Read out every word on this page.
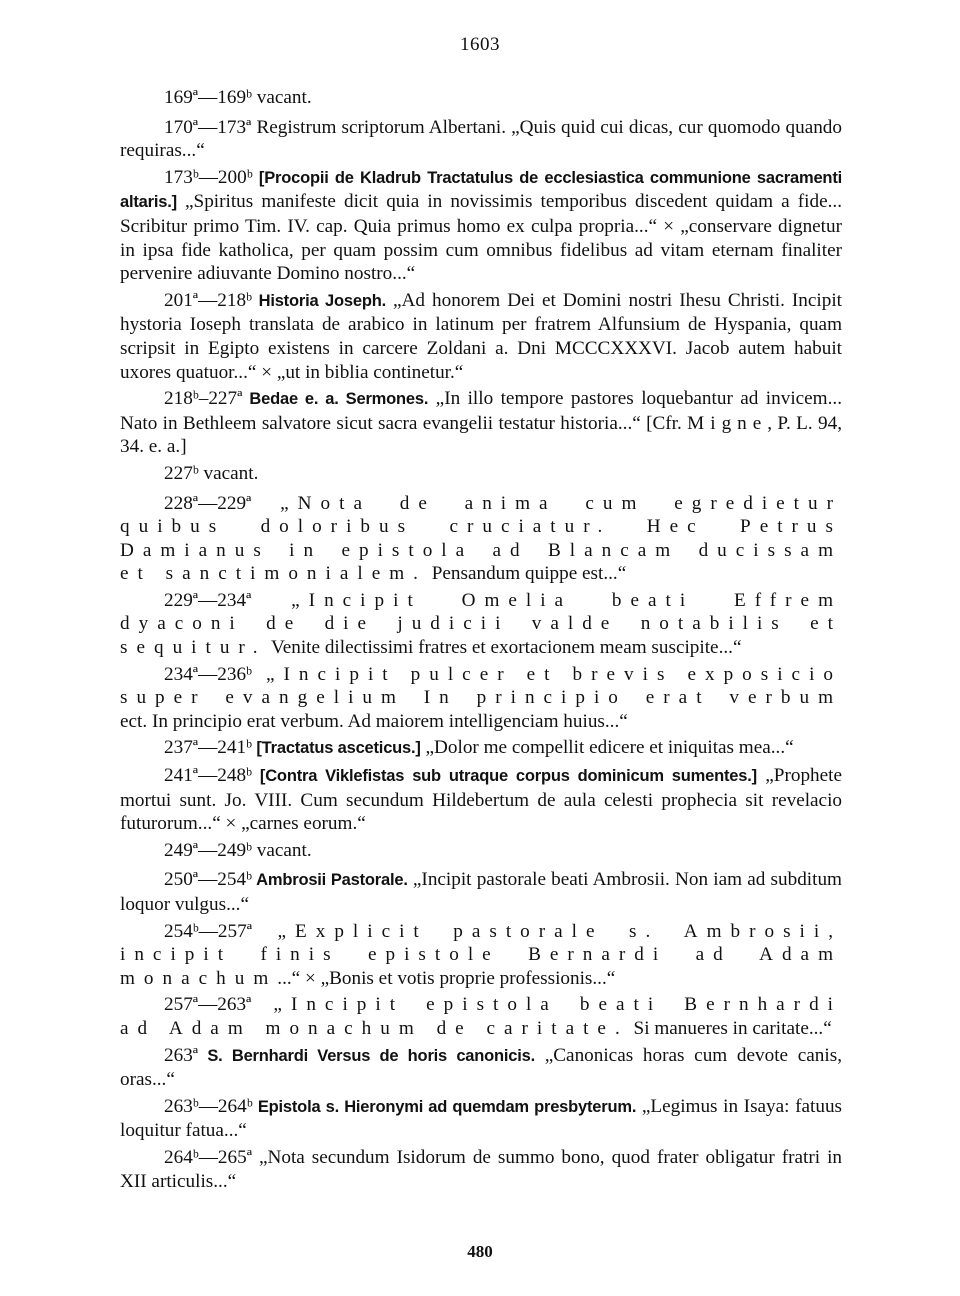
1603

169ª—169ᵇ vacant.

170ª—173ª Registrum scriptorum Albertani. „Quis quid cui dicas, cur quomodo quando requiras...“

173ᵇ—200ᵇ [Procopii de Kladrub Tractatulus de ecclesiastica communione sacramenti altaris.] „Spiritus manifeste dicit quia in novissimis temporibus discedent quidam a fide... Scribitur primo Tim. IV. cap. Quia primus homo ex culpa propria...“ × „conservare dignetur in ipsa fide katholica, per quam possim cum omnibus fidelibus ad vitam eternam finaliter pervenire adiuvante Domino nostro...“

201ª—218ᵇ Historia Joseph. „Ad honorem Dei et Domini nostri Ihesu Christi. Incipit hystoria Ioseph translata de arabico in latinum per fratrem Alfunsium de Hyspania, quam scripsit in Egipto existens in carcere Zoldani a. Dni MCCCXXXVI. Jacob autem habuit uxores quatuor...“ × „ut in biblia continetur.“

218ᵇ–227ª Bedae e. a. Sermones. „In illo tempore pastores loquebantur ad invicem... Nato in Bethleem salvatore sicut sacra evangelii testatur historia...“ [Cfr. Migne, P. L. 94, 34. e. a.]

227ᵇ vacant.

228ª—229ª „Nota de anima cum egredietur quibus doloribus cruciatur. Hec Petrus Damianus in epistola ad Blancam ducissam et sanctimonialem. Pensandum quippe est...“

229ª—234ª „Incipit Omelia beati Effrem dyaconi de die judicii valde notabilis et sequitur. Venite dilectissimi fratres et exortacionem meam suscipite...“

234ª—236ᵇ „Incipit pulcer et brevis exposicio super evangelium In principio erat verbum ect. In principio erat verbum. Ad maiorem intelligenciam huius...“

237ª—241ᵇ [Tractatus asceticus.] „Dolor me compellit edicere et iniquitas mea...“

241ª—248ᵇ [Contra Viklefistas sub utraque corpus dominicum sumentes.] „Prophete mortui sunt. Jo. VIII. Cum secundum Hildebertum de aula celesti prophecia sit revelacio futurorum...“ × „carnes eorum.“

249ª—249ᵇ vacant.

250ª—254ᵇ Ambrosii Pastorale. „Incipit pastorale beati Ambrosii. Non iam ad subditum loquor vulgus...“

254ᵇ—257ª „Explicit pastorale s. Ambrosii, incipit finis epistole Bernardi ad Adam monachum...“ × „Bonis et votis proprie professionis...“

257ª—263ª „Incipit epistola beati Bernhardi ad Adam monachum de caritate. Si manueres in caritate...“

263ª S. Bernhardi Versus de horis canonicis. „Canonicas horas cum devote canis, oras...“

263ᵇ—264ᵇ Epistola s. Hieronymi ad quemdam presbyterum. „Legimus in Isaya: fatuus loquitur fatua...“

264ᵇ—265ª „Nota secundum Isidorum de summo bono, quod frater obligatur fratri in XII articulis...“

480
